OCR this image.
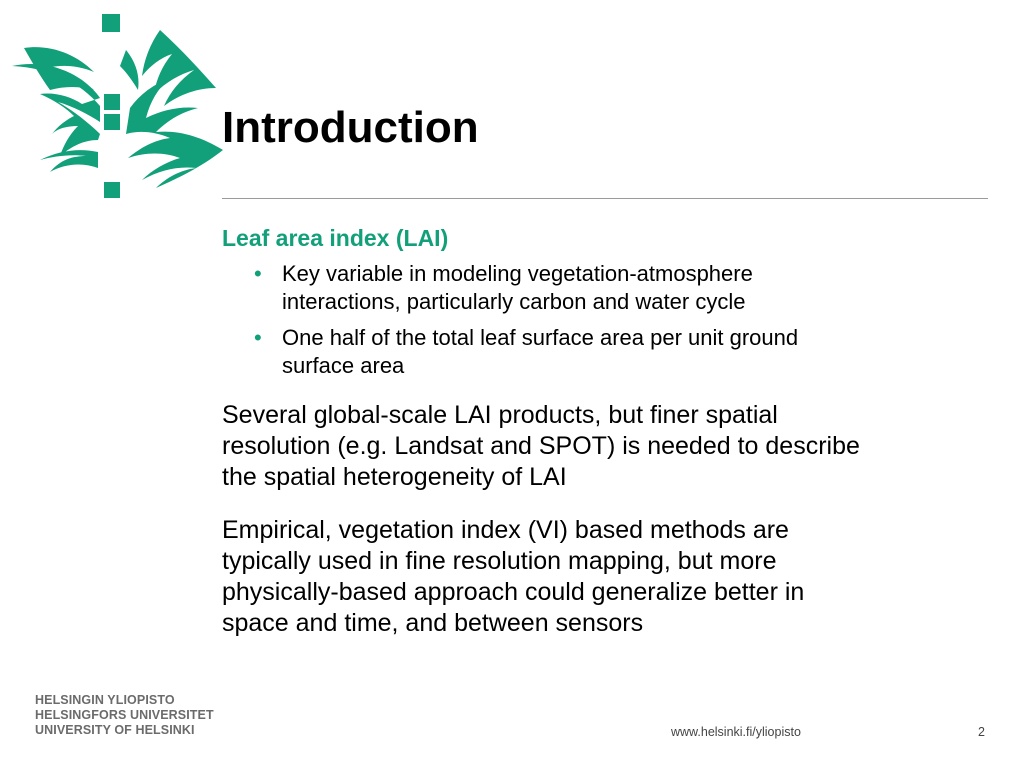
Introduction
Leaf area index (LAI)
• Key variable in modeling vegetation-atmosphere
interactions, particularly carbon and water cycle
• One half of the total leaf surface area per unit ground
surface area

Several global-scale LAI products, but finer spatial
resolution (e.g. Landsat and SPOT) is needed to describe
the spatial heterogeneity of LAI

Empirical, vegetation index (VI) based methods are
typically used in fine resolution mapping, but more
physically-based approach could generalize better in
space and time, and between sensors

HELSINGIN YLIOPISTO
HELSINGFORS UNIVERSITET
UNIVERSITY OF HELSINKI	www.helsinki.fi/yliopisto	2
